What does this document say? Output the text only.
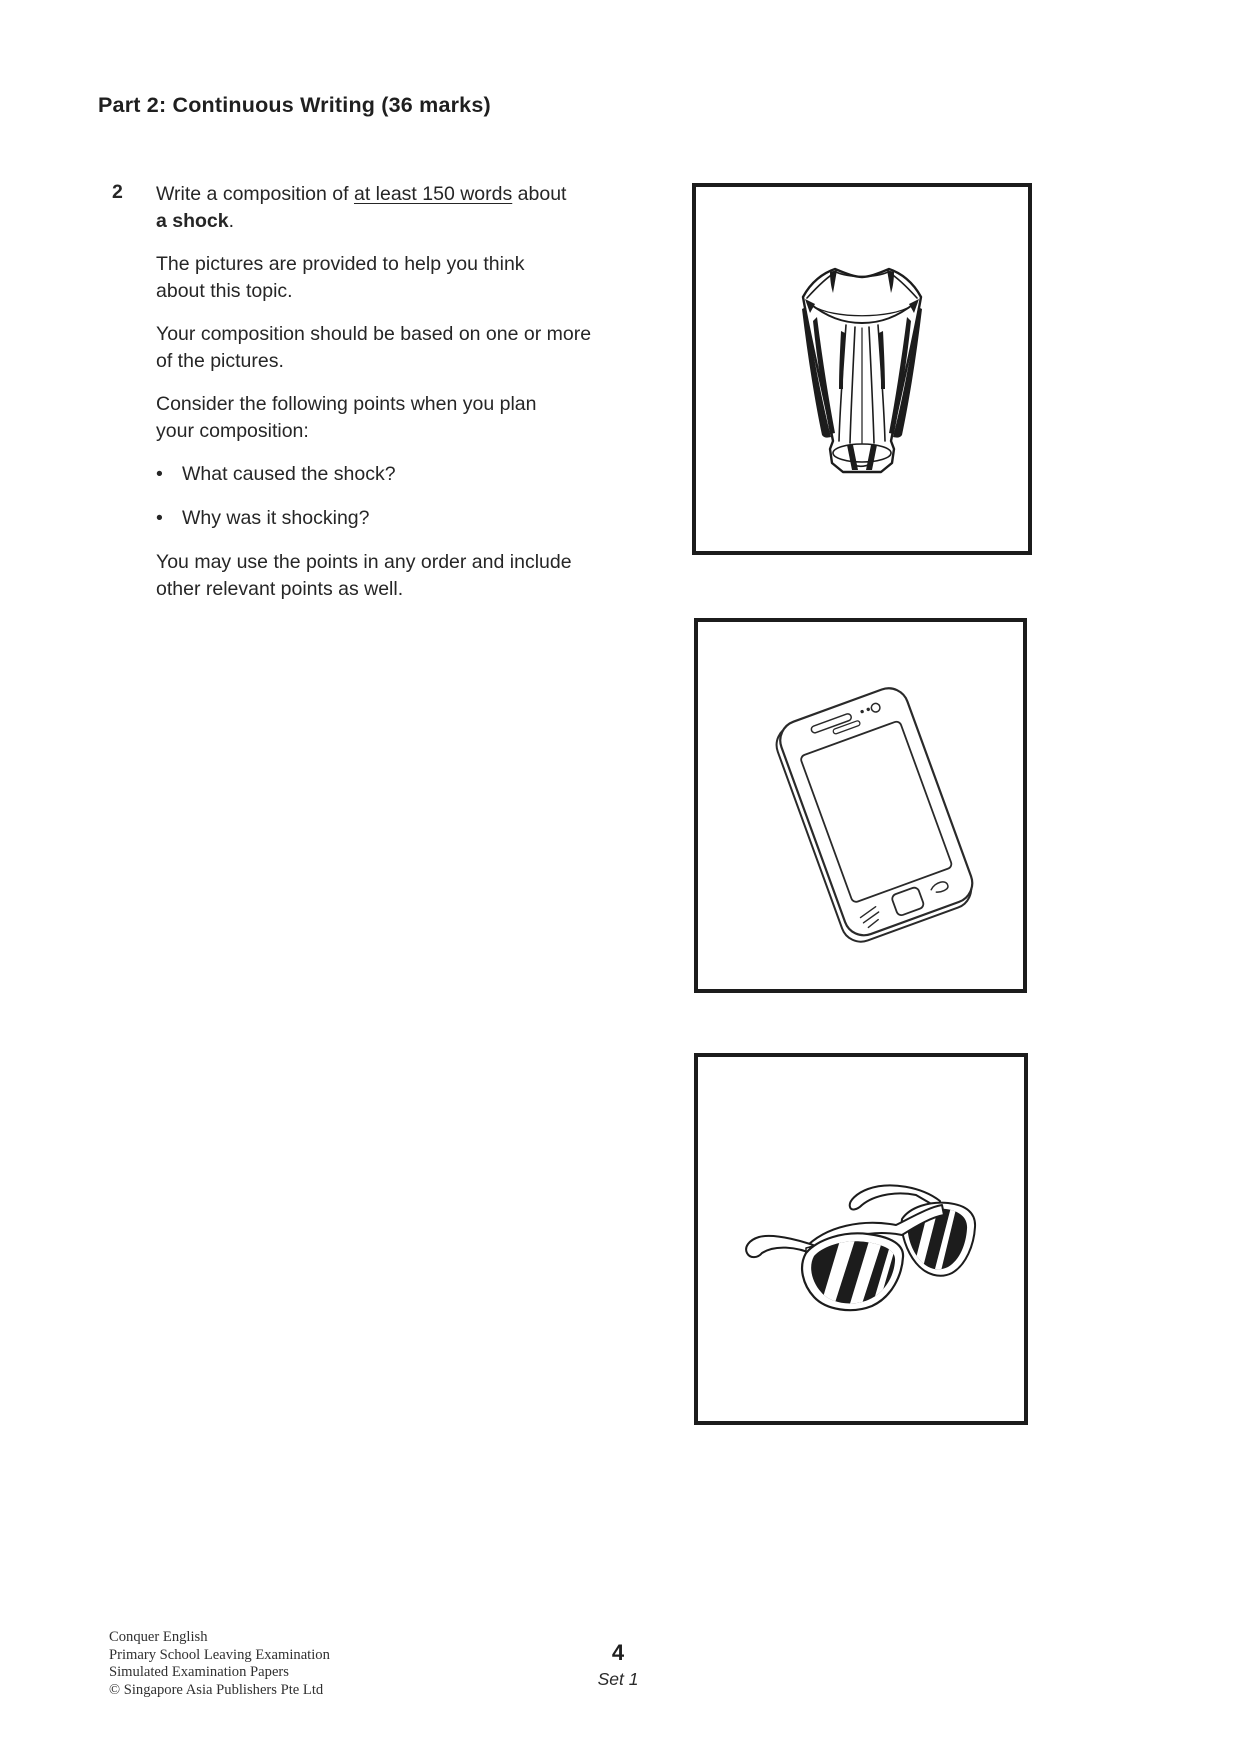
Part 2: Continuous Writing (36 marks)
2 Write a composition of at least 150 words about
a shock.
The pictures are provided to help you think
about this topic.
Your composition should be based on one or more
of the pictures.
Consider the following points when you plan
your composition:
• What caused the shock?
• Why was it shocking?
You may use the points in any order and include
other relevant points as well.
Conquer English
Primary School Leaving Examination
Simulated Examination Papers
© Singapore Asia Publishers Pte Ltd
4
Set 1
